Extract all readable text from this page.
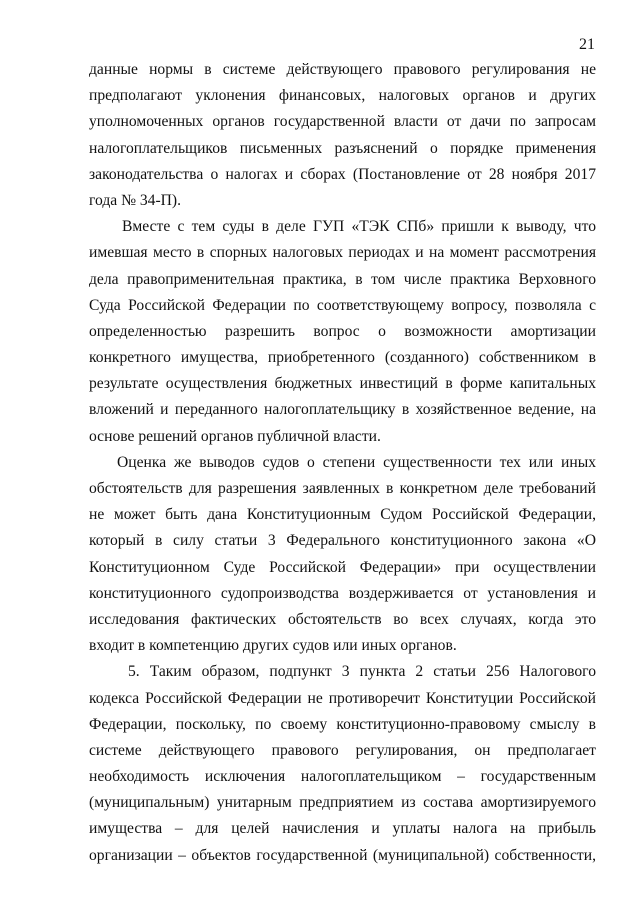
21

данные нормы в системе действующего правового регулирования не

предполагают уклонения финансовых, налоговых органов и других

уполномоченных органов государственной власти от дачи по запросам

налогоплательщиков письменных разъяснений о порядке применения

законодательства о налогах и сборах (Постановление от 28 ноября 2017

года № 34-П).

Вместе с тем суды в деле ГУП «ТЭК СПб» пришли к выводу, что

имевшая место в спорных налоговых периодах и на момент рассмотрения

дела правоприменительная практика, в том числе практика Верховного

Суда Российской Федерации по соответствующему вопросу, позволяла с

определенностью разрешить вопрос о возможности амортизации

конкретного имущества, приобретенного (созданного) собственником в

результате осуществления бюджетных инвестиций в форме капитальных

вложений и переданного налогоплательщику в хозяйственное ведение, на

основе решений органов публичной власти.

Оценка же выводов судов о степени существенности тех или иных

обстоятельств для разрешения заявленных в конкретном деле требований

не может быть дана Конституционным Судом Российской Федерации,

который в силу статьи 3 Федерального конституционного закона «О

Конституционном Суде Российской Федерации» при осуществлении

конституционного судопроизводства воздерживается от установления и

исследования фактических обстоятельств во всех случаях, когда это

входит в компетенцию других судов или иных органов.

5. Таким образом, подпункт 3 пункта 2 статьи 256 Налогового

кодекса Российской Федерации не противоречит Конституции Российской

Федерации, поскольку, по своему конституционно-правовому смыслу в

системе действующего правового регулирования, он предполагает

необходимость исключения налогоплательщиком – государственным

(муниципальным) унитарным предприятием из состава амортизируемого

имущества – для целей начисления и уплаты налога на прибыль

организации – объектов государственной (муниципальной) собственности,
